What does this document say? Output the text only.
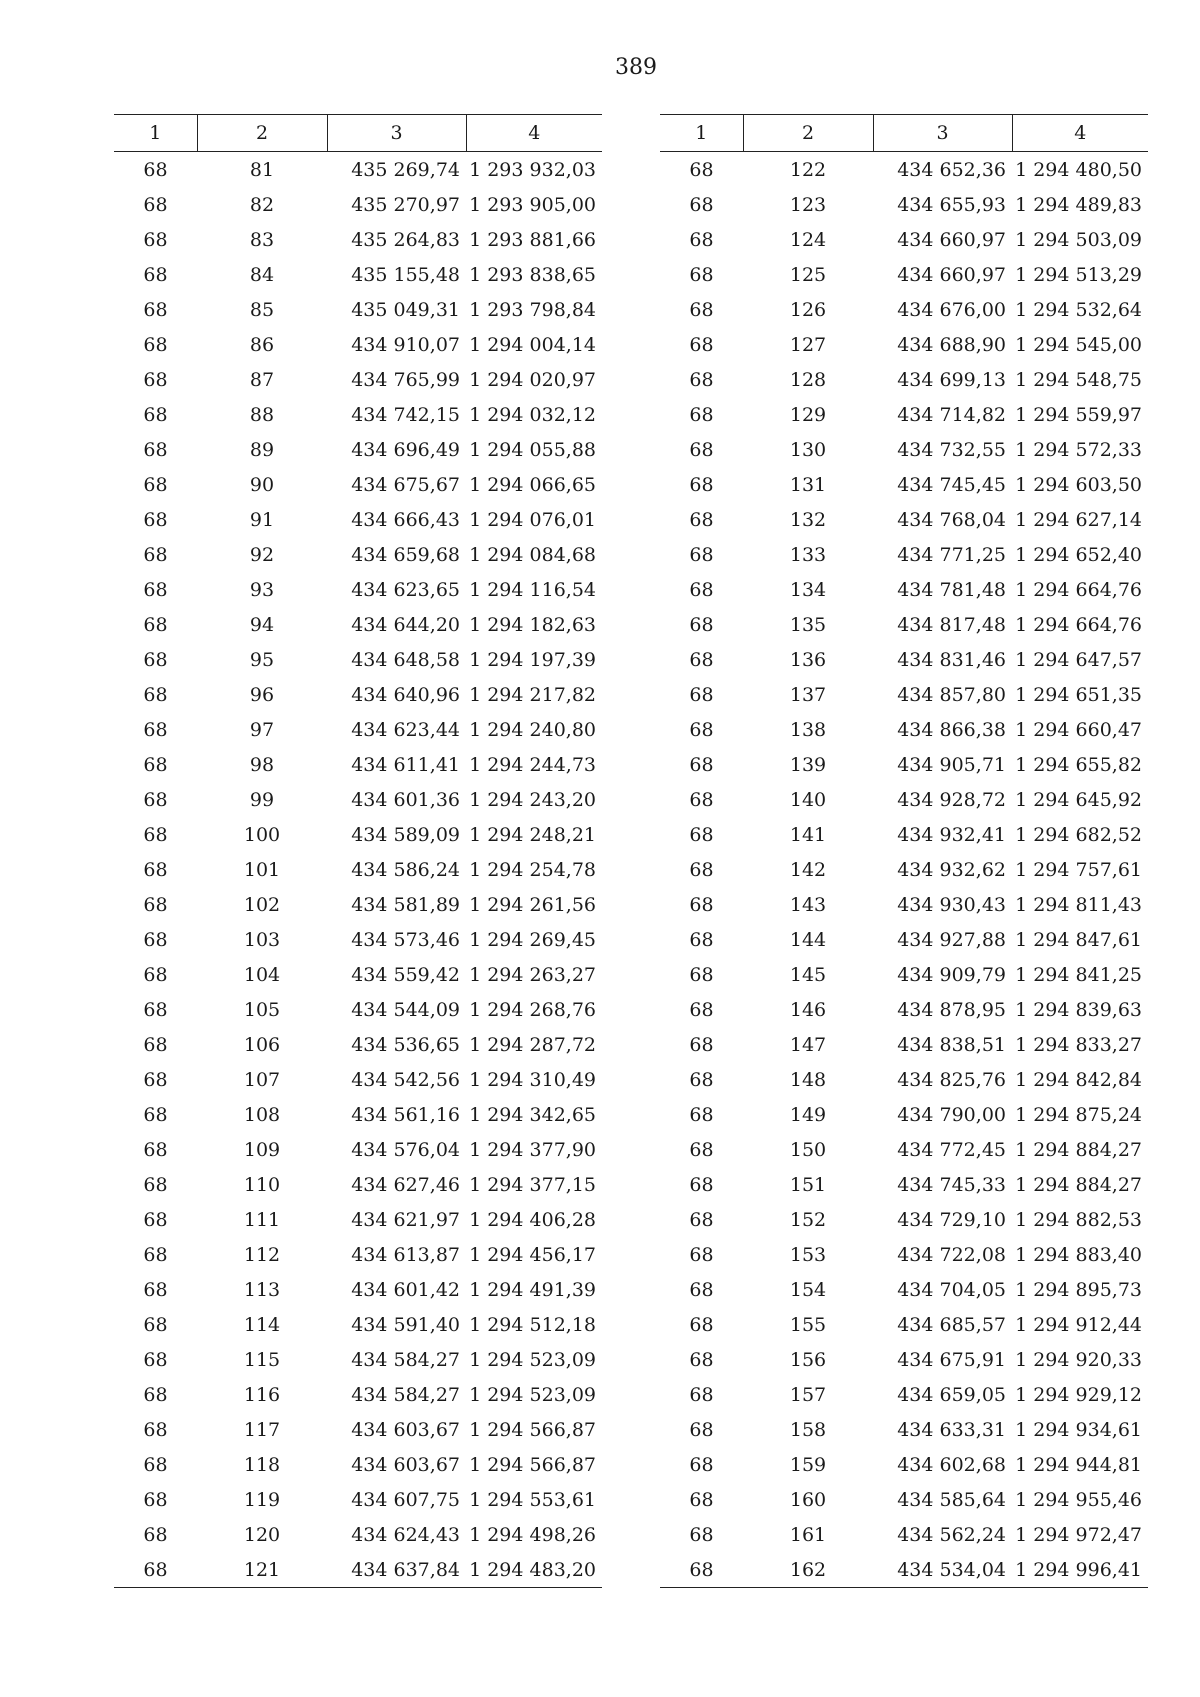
389
1	2	3	4
68	81	435 269,74	1 293 932,03
68	82	435 270,97	1 293 905,00
68	83	435 264,83	1 293 881,66
68	84	435 155,48	1 293 838,65
68	85	435 049,31	1 293 798,84
68	86	434 910,07	1 294 004,14
68	87	434 765,99	1 294 020,97
68	88	434 742,15	1 294 032,12
68	89	434 696,49	1 294 055,88
68	90	434 675,67	1 294 066,65
68	91	434 666,43	1 294 076,01
68	92	434 659,68	1 294 084,68
68	93	434 623,65	1 294 116,54
68	94	434 644,20	1 294 182,63
68	95	434 648,58	1 294 197,39
68	96	434 640,96	1 294 217,82
68	97	434 623,44	1 294 240,80
68	98	434 611,41	1 294 244,73
68	99	434 601,36	1 294 243,20
68	100	434 589,09	1 294 248,21
68	101	434 586,24	1 294 254,78
68	102	434 581,89	1 294 261,56
68	103	434 573,46	1 294 269,45
68	104	434 559,42	1 294 263,27
68	105	434 544,09	1 294 268,76
68	106	434 536,65	1 294 287,72
68	107	434 542,56	1 294 310,49
68	108	434 561,16	1 294 342,65
68	109	434 576,04	1 294 377,90
68	110	434 627,46	1 294 377,15
68	111	434 621,97	1 294 406,28
68	112	434 613,87	1 294 456,17
68	113	434 601,42	1 294 491,39
68	114	434 591,40	1 294 512,18
68	115	434 584,27	1 294 523,09
68	116	434 584,27	1 294 523,09
68	117	434 603,67	1 294 566,87
68	118	434 603,67	1 294 566,87
68	119	434 607,75	1 294 553,61
68	120	434 624,43	1 294 498,26
68	121	434 637,84	1 294 483,20
1	2	3	4
68	122	434 652,36	1 294 480,50
68	123	434 655,93	1 294 489,83
68	124	434 660,97	1 294 503,09
68	125	434 660,97	1 294 513,29
68	126	434 676,00	1 294 532,64
68	127	434 688,90	1 294 545,00
68	128	434 699,13	1 294 548,75
68	129	434 714,82	1 294 559,97
68	130	434 732,55	1 294 572,33
68	131	434 745,45	1 294 603,50
68	132	434 768,04	1 294 627,14
68	133	434 771,25	1 294 652,40
68	134	434 781,48	1 294 664,76
68	135	434 817,48	1 294 664,76
68	136	434 831,46	1 294 647,57
68	137	434 857,80	1 294 651,35
68	138	434 866,38	1 294 660,47
68	139	434 905,71	1 294 655,82
68	140	434 928,72	1 294 645,92
68	141	434 932,41	1 294 682,52
68	142	434 932,62	1 294 757,61
68	143	434 930,43	1 294 811,43
68	144	434 927,88	1 294 847,61
68	145	434 909,79	1 294 841,25
68	146	434 878,95	1 294 839,63
68	147	434 838,51	1 294 833,27
68	148	434 825,76	1 294 842,84
68	149	434 790,00	1 294 875,24
68	150	434 772,45	1 294 884,27
68	151	434 745,33	1 294 884,27
68	152	434 729,10	1 294 882,53
68	153	434 722,08	1 294 883,40
68	154	434 704,05	1 294 895,73
68	155	434 685,57	1 294 912,44
68	156	434 675,91	1 294 920,33
68	157	434 659,05	1 294 929,12
68	158	434 633,31	1 294 934,61
68	159	434 602,68	1 294 944,81
68	160	434 585,64	1 294 955,46
68	161	434 562,24	1 294 972,47
68	162	434 534,04	1 294 996,41
